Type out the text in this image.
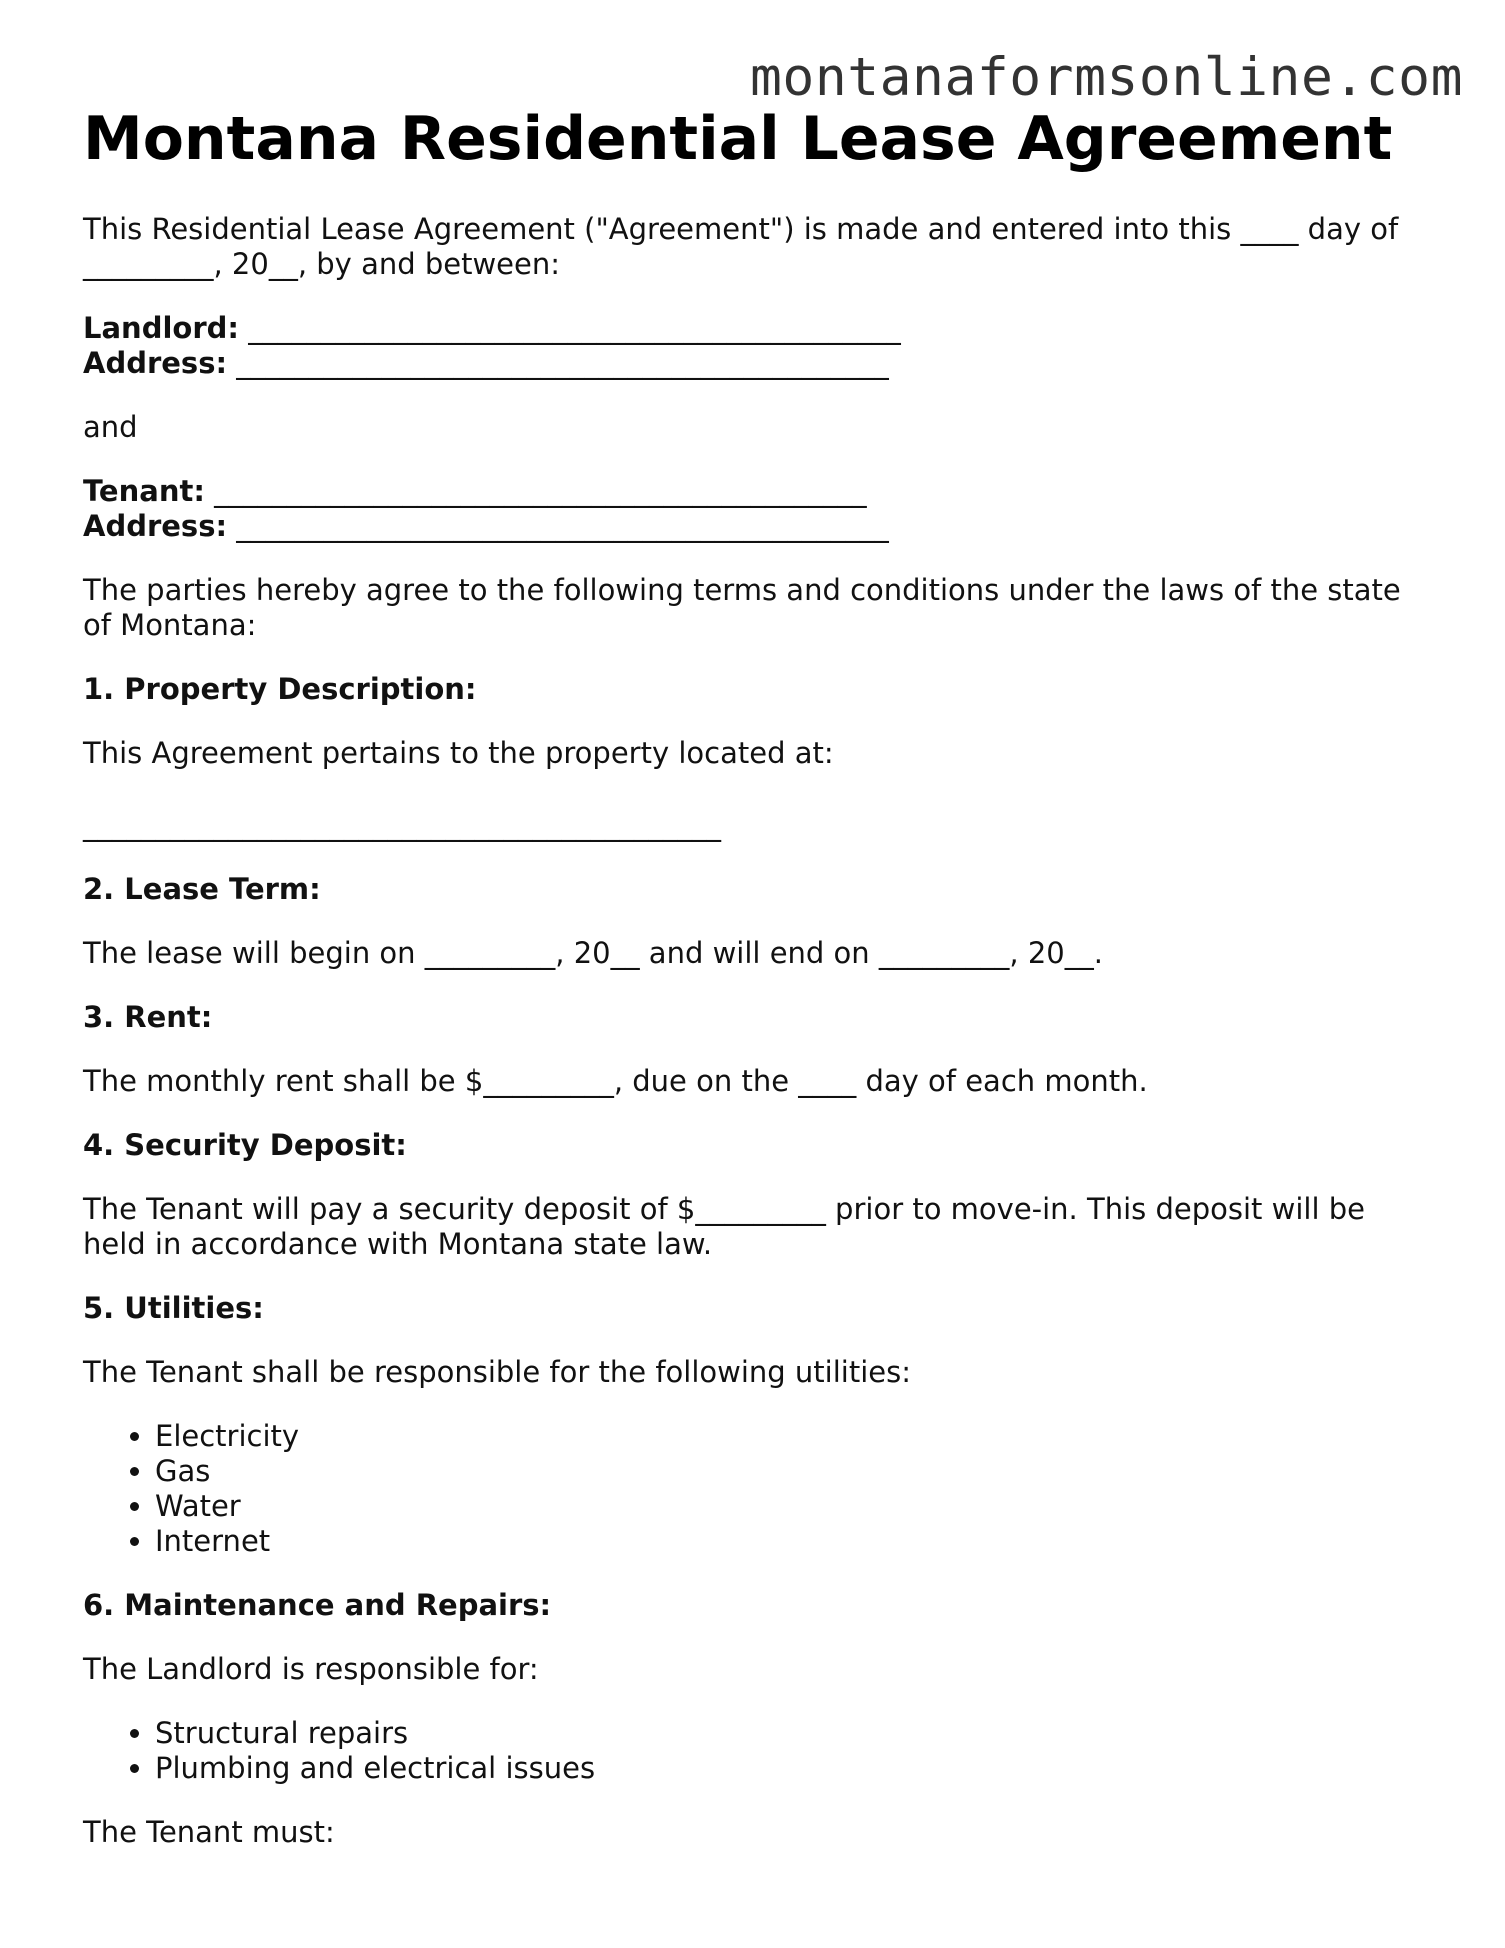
montanaformsonline.com
Montana Residential Lease Agreement

This Residential Lease Agreement ("Agreement") is made and entered into this ____ day of _________, 20__, by and between:

Landlord: _____________________________________________
Address: _____________________________________________

and

Tenant: _____________________________________________
Address: _____________________________________________

The parties hereby agree to the following terms and conditions under the laws of the state of Montana:

1. Property Description:

This Agreement pertains to the property located at:

____________________________________________
2. Lease Term:

The lease will begin on _________, 20__ and will end on _________, 20__.

3. Rent:

The monthly rent shall be $_________, due on the ____ day of each month.

4. Security Deposit:

The Tenant will pay a security deposit of $_________ prior to move-in. This deposit will be held in accordance with Montana state law.

5. Utilities:

The Tenant shall be responsible for the following utilities:

• Electricity
• Gas
• Water
• Internet
6. Maintenance and Repairs:

The Landlord is responsible for:

• Structural repairs
• Plumbing and electrical issues

The Tenant must:
